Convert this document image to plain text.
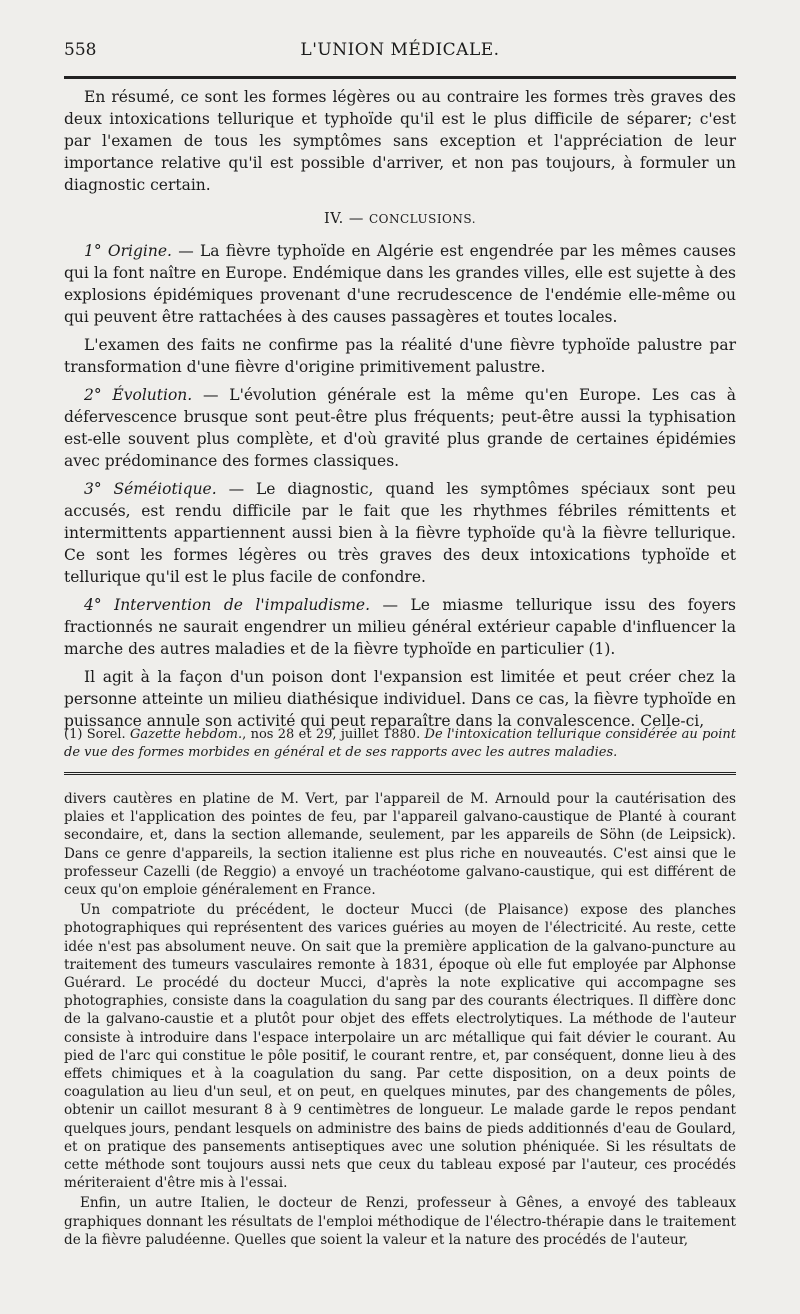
558	L'UNION MÉDICALE.

En résumé, ce sont les formes légères ou au contraire les formes très graves des deux intoxications tellurique et typhoïde qu'il est le plus difficile de séparer; c'est par l'examen de tous les symptômes sans exception et l'appréciation de leur importance relative qu'il est possible d'arriver, et non pas toujours, à formuler un diagnostic certain.

IV. — CONCLUSIONS.

1° Origine. — La fièvre typhoïde en Algérie est engendrée par les mêmes causes qui la font naître en Europe. Endémique dans les grandes villes, elle est sujette à des explosions épidémiques provenant d'une recrudescence de l'endémie elle-même ou qui peuvent être rattachées à des causes passagères et toutes locales.

L'examen des faits ne confirme pas la réalité d'une fièvre typhoïde palustre par transformation d'une fièvre d'origine primitivement palustre.

2° Évolution. — L'évolution générale est la même qu'en Europe. Les cas à défervescence brusque sont peut-être plus fréquents; peut-être aussi la typhisation est-elle souvent plus complète, et d'où gravité plus grande de certaines épidémies avec prédominance des formes classiques.

3° Séméiotique. — Le diagnostic, quand les symptômes spéciaux sont peu accusés, est rendu difficile par le fait que les rhythmes fébriles rémittents et intermittents appartiennent aussi bien à la fièvre typhoïde qu'à la fièvre tellurique. Ce sont les formes légères ou très graves des deux intoxications typhoïde et tellurique qu'il est le plus facile de confondre.

4° Intervention de l'impaludisme. — Le miasme tellurique issu des foyers fractionnés ne saurait engendrer un milieu général extérieur capable d'influencer la marche des autres maladies et de la fièvre typhoïde en particulier (1).

Il agit à la façon d'un poison dont l'expansion est limitée et peut créer chez la personne atteinte un milieu diathésique individuel. Dans ce cas, la fièvre typhoïde en puissance annule son activité qui peut reparaître dans la convalescence. Celle-ci,

(1) Sorel. Gazette hebdom., nos 28 et 29, juillet 1880. De l'intoxication tellurique considérée au point de vue des formes morbides en général et de ses rapports avec les autres maladies.

divers cautères en platine de M. Vert, par l'appareil de M. Arnould pour la cautérisation des plaies et l'application des pointes de feu, par l'appareil galvano-caustique de Planté à courant secondaire, et, dans la section allemande, seulement, par les appareils de Söhn (de Leipsick). Dans ce genre d'appareils, la section italienne est plus riche en nouveautés. C'est ainsi que le professeur Cazelli (de Reggio) a envoyé un trachéotome galvano-caustique, qui est différent de ceux qu'on emploie généralement en France.

Un compatriote du précédent, le docteur Mucci (de Plaisance) expose des planches photographiques qui représentent des varices guéries au moyen de l'électricité. Au reste, cette idée n'est pas absolument neuve. On sait que la première application de la galvano-puncture au traitement des tumeurs vasculaires remonte à 1831, époque où elle fut employée par Alphonse Guérard. Le procédé du docteur Mucci, d'après la note explicative qui accompagne ses photographies, consiste dans la coagulation du sang par des courants électriques. Il diffère donc de la galvano-caustie et a plutôt pour objet des effets electrolytiques. La méthode de l'auteur consiste à introduire dans l'espace interpolaire un arc métallique qui fait dévier le courant. Au pied de l'arc qui constitue le pôle positif, le courant rentre, et, par conséquent, donne lieu à des effets chimiques et à la coagulation du sang. Par cette disposition, on a deux points de coagulation au lieu d'un seul, et on peut, en quelques minutes, par des changements de pôles, obtenir un caillot mesurant 8 à 9 centimètres de longueur. Le malade garde le repos pendant quelques jours, pendant lesquels on administre des bains de pieds additionnés d'eau de Goulard, et on pratique des pansements antiseptiques avec une solution phéniquée. Si les résultats de cette méthode sont toujours aussi nets que ceux du tableau exposé par l'auteur, ces procédés mériteraient d'être mis à l'essai.

Enfin, un autre Italien, le docteur de Renzi, professeur à Gênes, a envoyé des tableaux graphiques donnant les résultats de l'emploi méthodique de l'électro-thérapie dans le traitement de la fièvre paludéenne. Quelles que soient la valeur et la nature des procédés de l'auteur,
